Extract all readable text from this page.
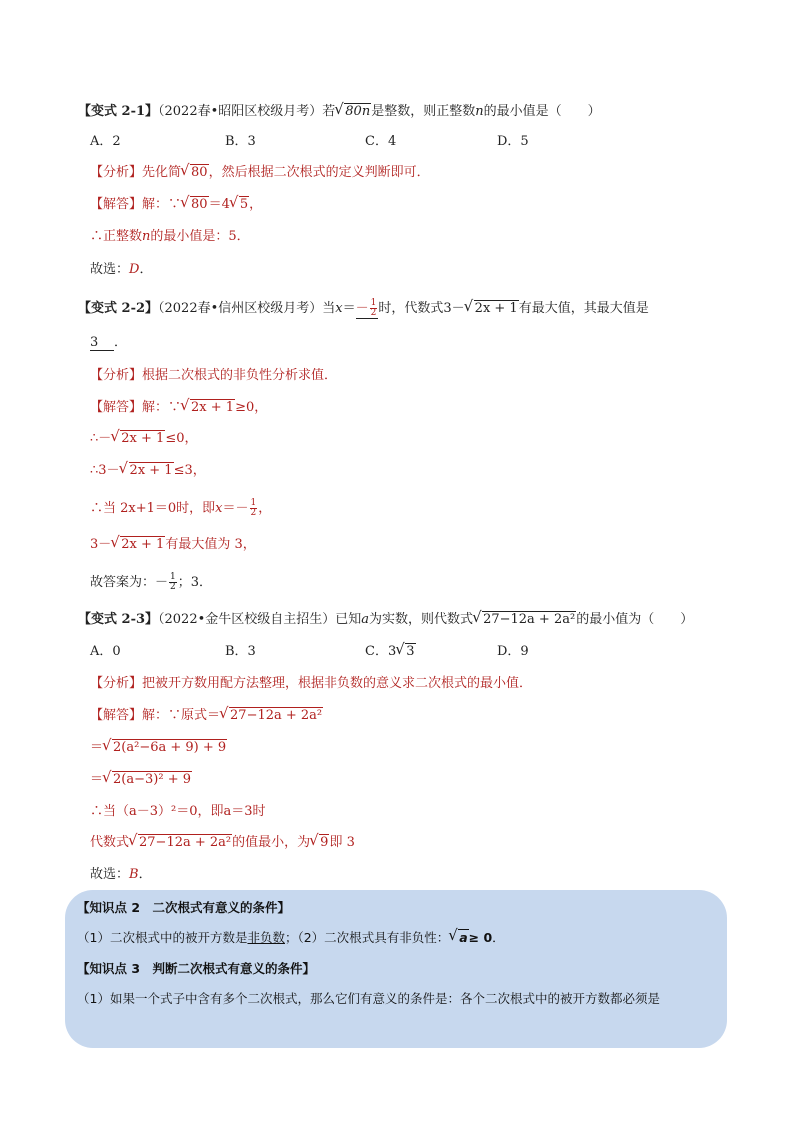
【变式 2-1】（2022春•昭阳区校级月考）若 √ 80n是整数，则正整数n的最小值是（　　）
A．2	B．3	C．4	D．5
【分析】先化简 √ 80，然后根据二次根式的定义判断即可．
【解答】解：∵ √ 80＝4 √ 5，
∴正整数n的最小值是：5．
故选：D．
【变式 2-2】（2022春•信州区校级月考）当$x=- \frac{1}{2}$ 时，代数式3－ √ 2x + 1有最大值，其最大值是
3 ．
【分析】根据二次根式的非负性分析求值．
【解答】解：∵ √ 2x + 1≥0，
∴－ √ 2x + 1≤0，
∴3－ √ 2x + 1≤3，
∴当 2x+1＝0时，即$x=- \frac{1}{2}$ ，
3－ √ 2x + 1有最大值为 3，
故答案为：－ $\frac{1}{2}$ ；3．
【变式 2-3】（2022•金牛区校级自主招生）已知a为实数，则代数式 √ 27−12a + 2a²的最小值为（　　）
A．0	B．3	C．3 √ 3	D．9
【分析】把被开方数用配方法整理，根据非负数的意义求二次根式的最小值．
【解答】解：∵原式＝ √ 27−12a + 2a²
＝ √ 2(a²−6a + 9) + 9
＝ √ 2(a−3)² + 9
∴当（a－3）²＝0，即a＝3时
代数式 √ 27−12a + 2a²的值最小，为 √ 9即 3
故选：B．
【知识点 2　二次根式有意义的条件】
（1）二次根式中的被开方数是非负数；（2）二次根式具有非负性： √ a≥ 0．
【知识点 3　判断二次根式有意义的条件】
（1）如果一个式子中含有多个二次根式，那么它们有意义的条件是：各个二次根式中的被开方数都必须是
